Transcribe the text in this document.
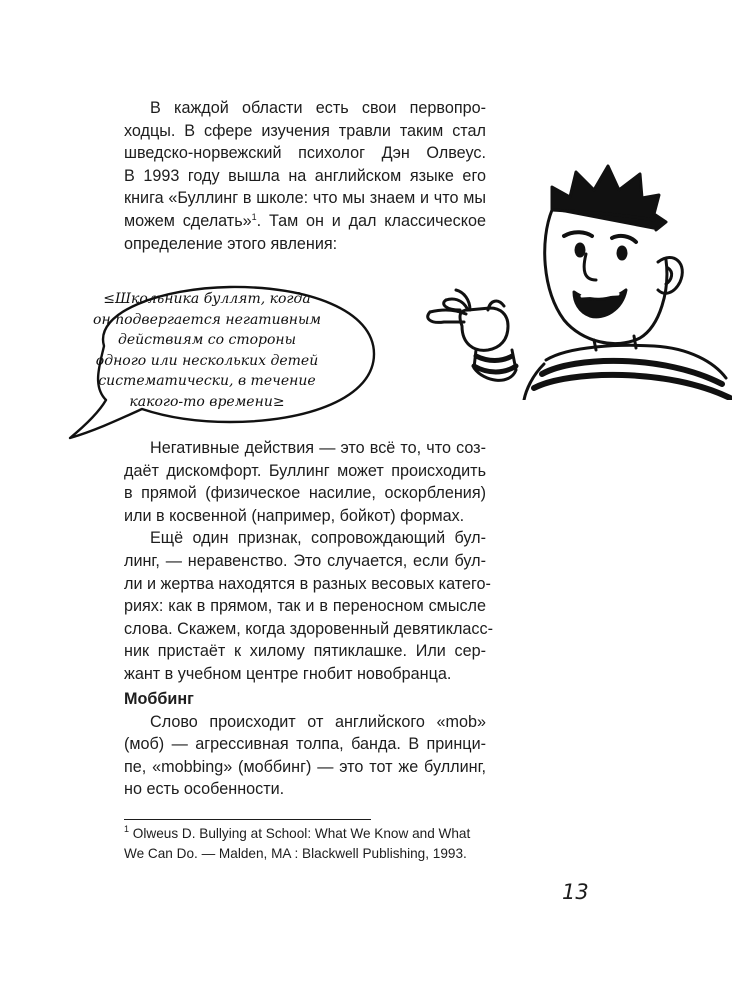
В каждой области есть свои первопро-
ходцы. В сфере изучения травли таким стал
шведско-норвежский психолог Дэн Олвеус.
В 1993 году вышла на английском языке его
книга «Буллинг в школе: что мы знаем и что мы
можем сделать»$^1$. Там он и дал классическое
определение этого явления:
≤Школьника буллят, когда
он подвергается негативным
действиям со стороны
одного или нескольких детей
систематически, в течение
какого-то времени≥
Негативные действия — это всё то, что соз-
даёт дискомфорт. Буллинг может происходить
в прямой (физическое насилие, оскорбления)
или в косвенной (например, бойкот) формах.
Ещё один признак, сопровождающий бул-
линг, — неравенство. Это случается, если бул-
ли и жертва находятся в разных весовых катего-
риях: как в прямом, так и в переносном смысле
слова. Скажем, когда здоровенный девятикласс-
ник пристаёт к хилому пятиклашке. Или сер-
жант в учебном центре гнобит новобранца.
Моббинг
Слово происходит от английского «mob»
(моб) — агрессивная толпа, банда. В принци-
пе, «mobbing» (моббинг) — это тот же буллинг,
но есть особенности.
$^1$ Olweus D. Bullying at School: What We Know and What
We Can Do. — Malden, MA : Blackwell Publishing, 1993.
13
